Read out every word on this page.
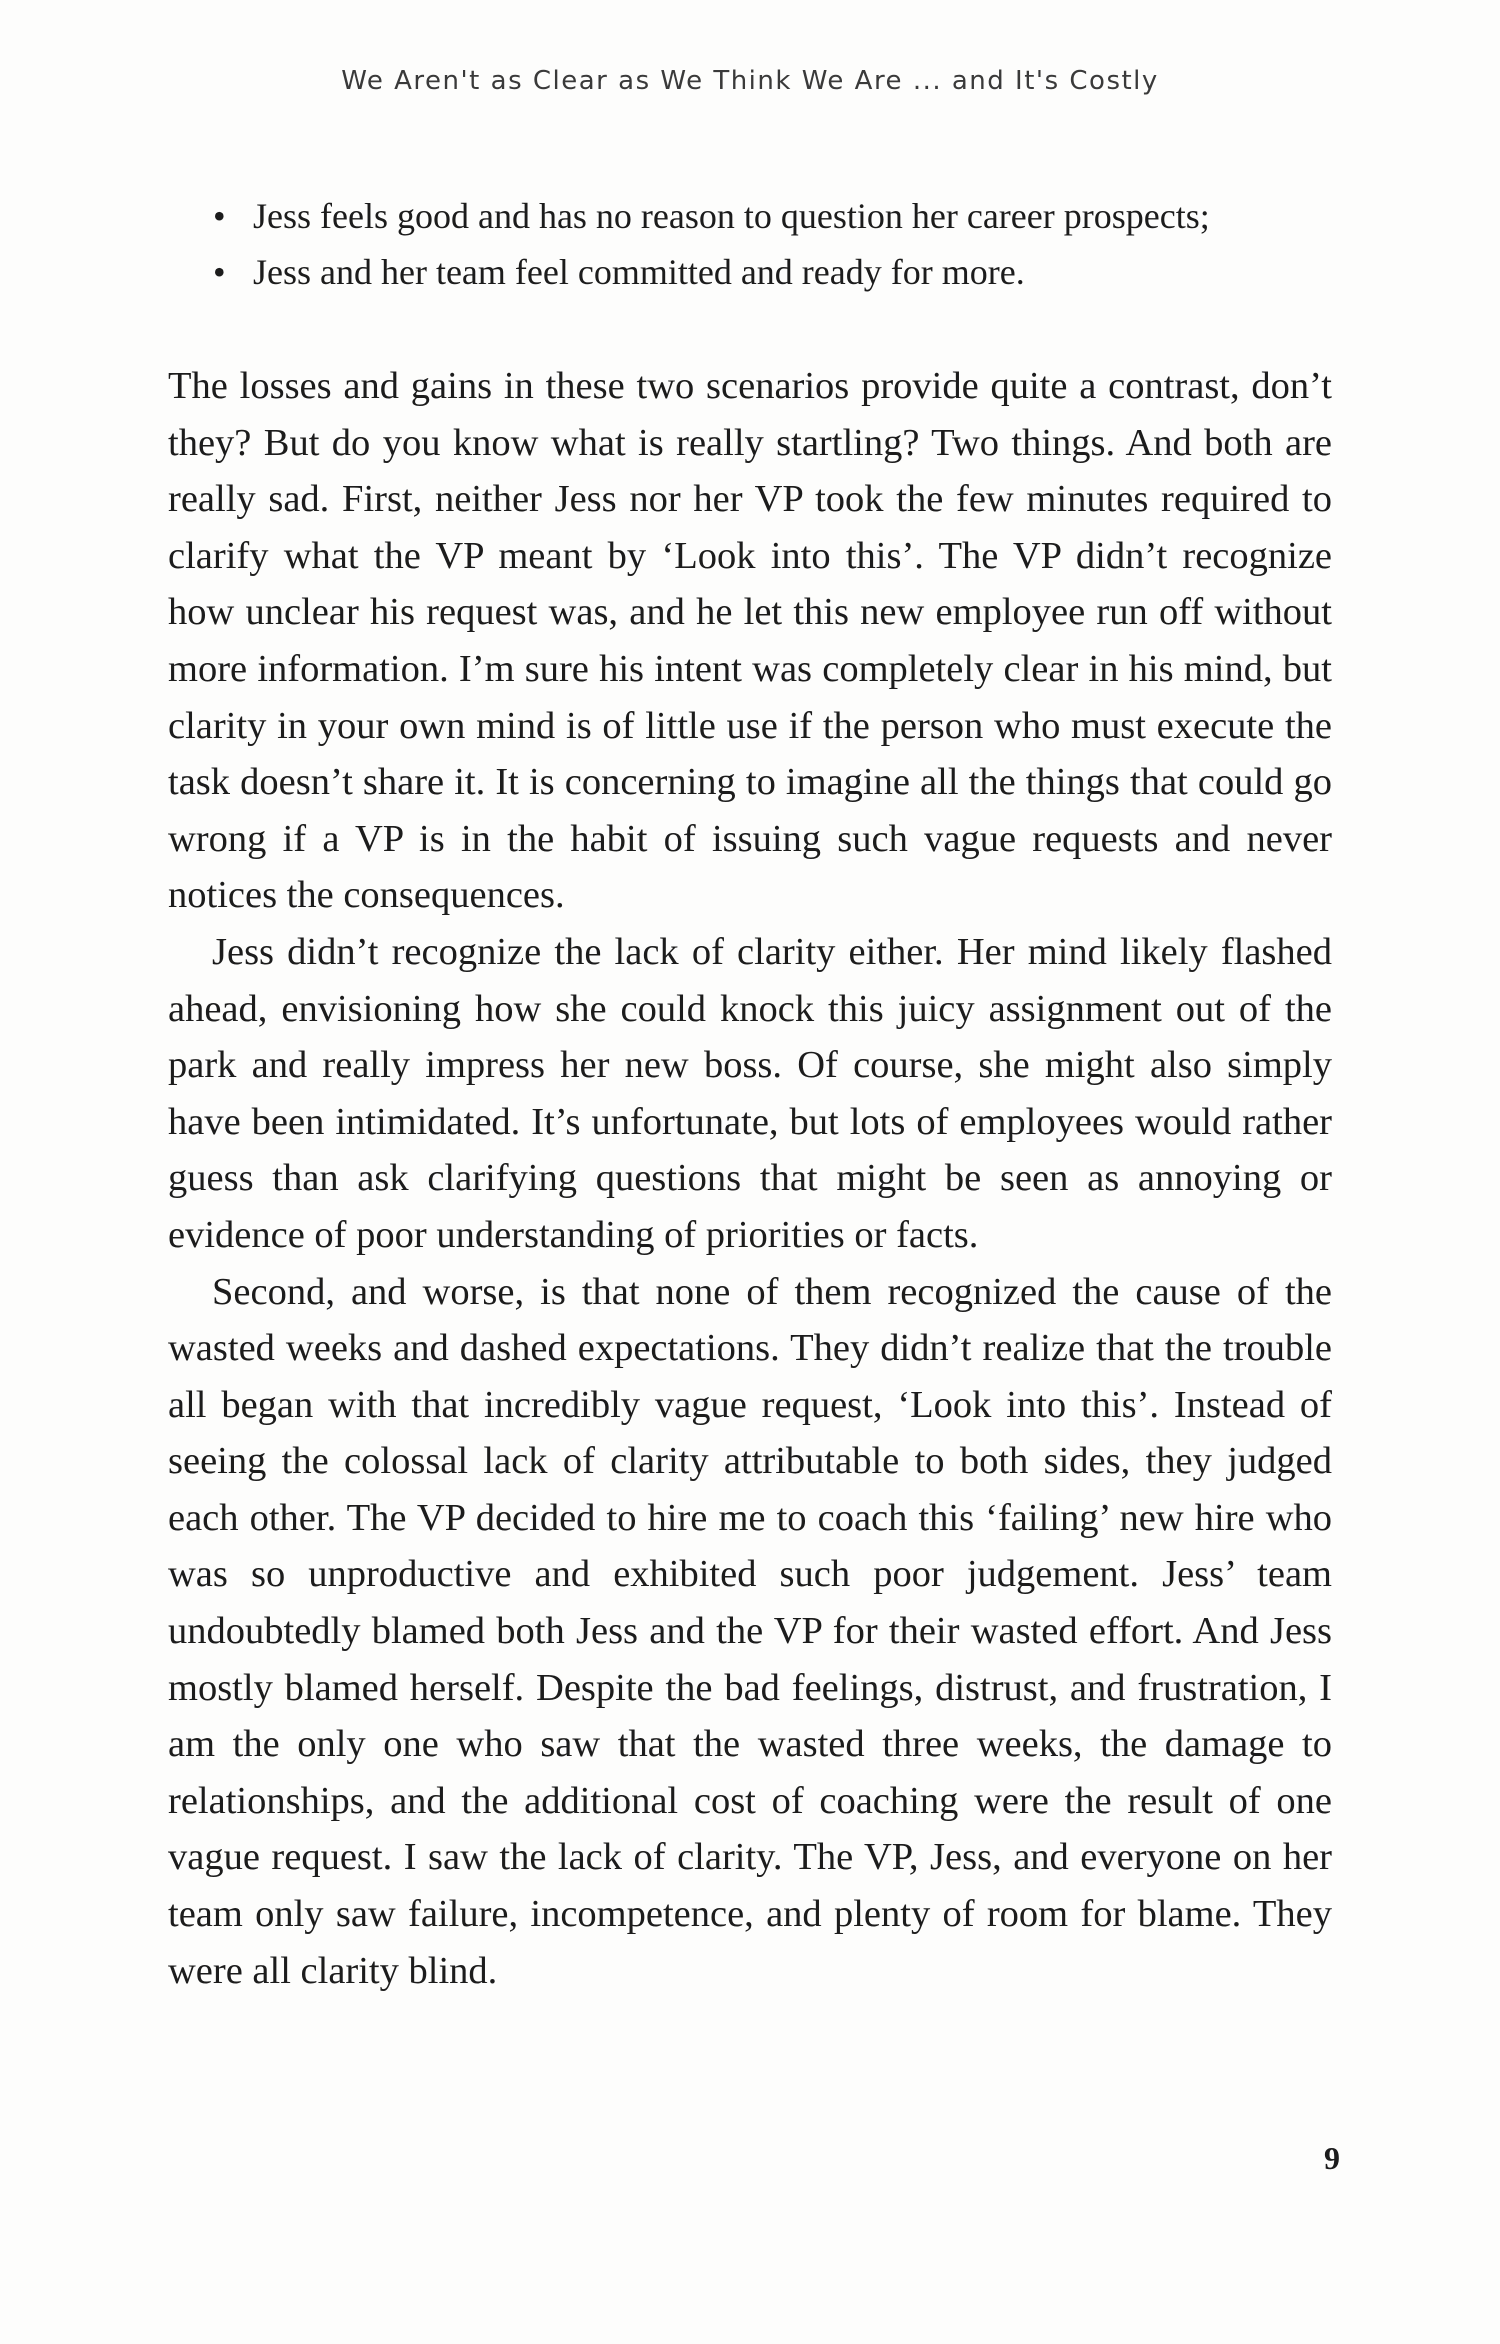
We Aren't as Clear as We Think We Are ... and It's Costly
• Jess feels good and has no reason to question her career prospects;
• Jess and her team feel committed and ready for more.

The losses and gains in these two scenarios provide quite a contrast, don’t they? But do you know what is really startling? Two things. And both are really sad. First, neither Jess nor her VP took the few minutes required to clarify what the VP meant by ‘Look into this’. The VP didn’t recognize how unclear his request was, and he let this new employee run off without more information. I’m sure his intent was completely clear in his mind, but clarity in your own mind is of little use if the person who must execute the task doesn’t share it. It is concerning to imagine all the things that could go wrong if a VP is in the habit of issuing such vague requests and never notices the consequences.

Jess didn’t recognize the lack of clarity either. Her mind likely flashed ahead, envisioning how she could knock this juicy assignment out of the park and really impress her new boss. Of course, she might also simply have been intimidated. It’s unfortunate, but lots of employees would rather guess than ask clarifying questions that might be seen as annoying or evidence of poor understanding of priorities or facts.

Second, and worse, is that none of them recognized the cause of the wasted weeks and dashed expectations. They didn’t realize that the trouble all began with that incredibly vague request, ‘Look into this’. Instead of seeing the colossal lack of clarity attributable to both sides, they judged each other. The VP decided to hire me to coach this ‘failing’ new hire who was so unproductive and exhibited such poor judgement. Jess’ team undoubtedly blamed both Jess and the VP for their wasted effort. And Jess mostly blamed herself. Despite the bad feelings, distrust, and frustration, I am the only one who saw that the wasted three weeks, the damage to relationships, and the additional cost of coaching were the result of one vague request. I saw the lack of clarity. The VP, Jess, and everyone on her team only saw failure, incompetence, and plenty of room for blame. They were all clarity blind.

9
